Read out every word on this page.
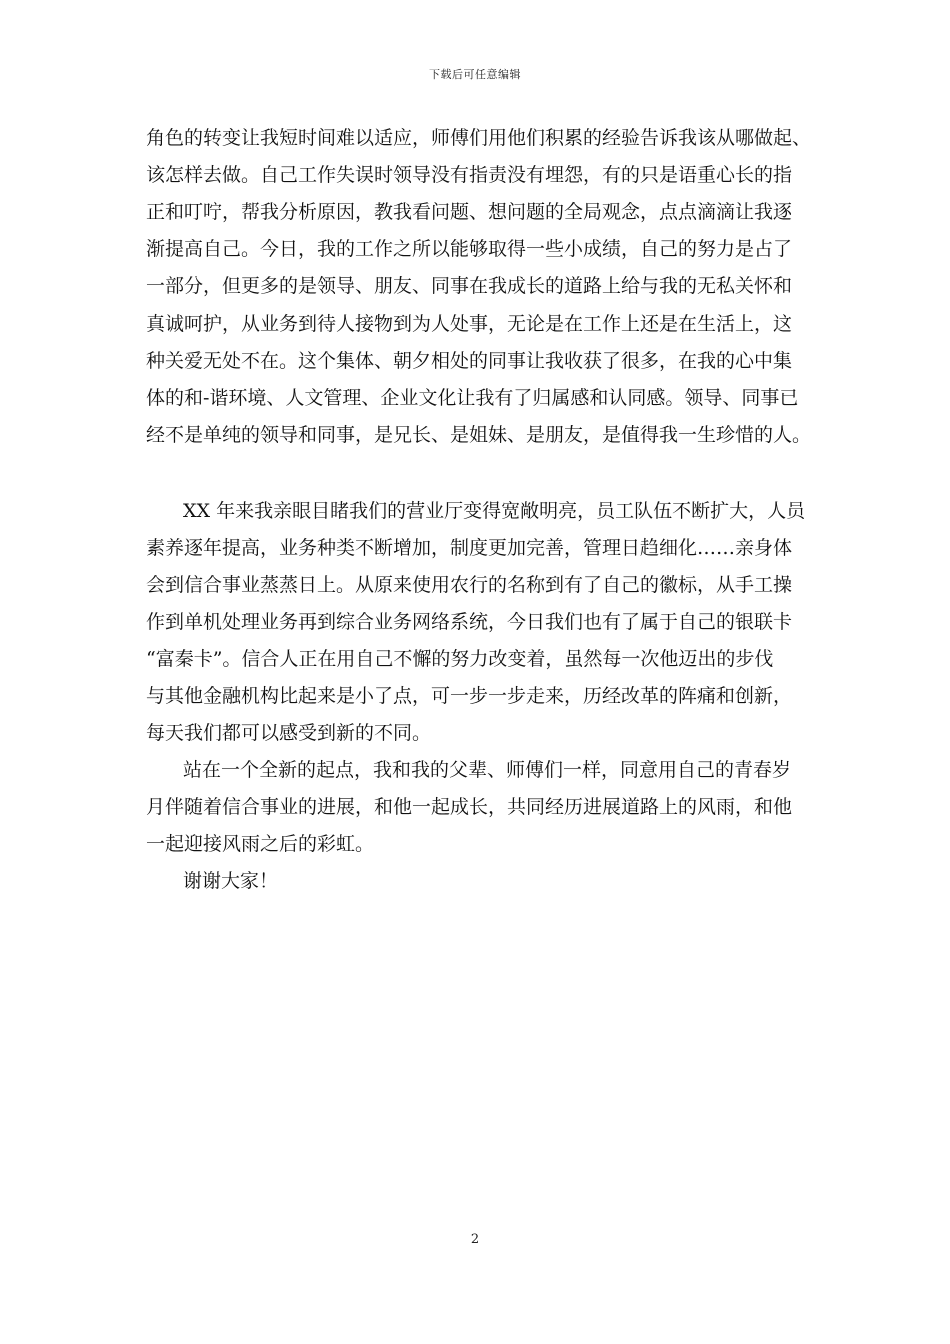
下载后可任意编辑
角色的转变让我短时间难以适应，师傅们用他们积累的经验告诉我该从哪做起、
该怎样去做。自己工作失误时领导没有指责没有埋怨，有的只是语重心长的指
正和叮咛，帮我分析原因，教我看问题、想问题的全局观念，点点滴滴让我逐
渐提高自己。今日，我的工作之所以能够取得一些小成绩，自己的努力是占了
一部分，但更多的是领导、朋友、同事在我成长的道路上给与我的无私关怀和
真诚呵护，从业务到待人接物到为人处事，无论是在工作上还是在生活上，这
种关爱无处不在。这个集体、朝夕相处的同事让我收获了很多，在我的心中集
体的和-谐环境、人文管理、企业文化让我有了归属感和认同感。领导、同事已
经不是单纯的领导和同事，是兄长、是姐妹、是朋友，是值得我一生珍惜的人。
XX 年来我亲眼目睹我们的营业厅变得宽敞明亮，员工队伍不断扩大，人员
素养逐年提高，业务种类不断增加，制度更加完善，管理日趋细化……亲身体
会到信合事业蒸蒸日上。从原来使用农行的名称到有了自己的徽标，从手工操
作到单机处理业务再到综合业务网络系统，今日我们也有了属于自己的银联卡
“富秦卡”。信合人正在用自己不懈的努力改变着，虽然每一次他迈出的步伐
与其他金融机构比起来是小了点，可一步一步走来，历经改革的阵痛和创新，
每天我们都可以感受到新的不同。
站在一个全新的起点，我和我的父辈、师傅们一样，同意用自己的青春岁
月伴随着信合事业的进展，和他一起成长，共同经历进展道路上的风雨，和他
一起迎接风雨之后的彩虹。
谢谢大家！
2
